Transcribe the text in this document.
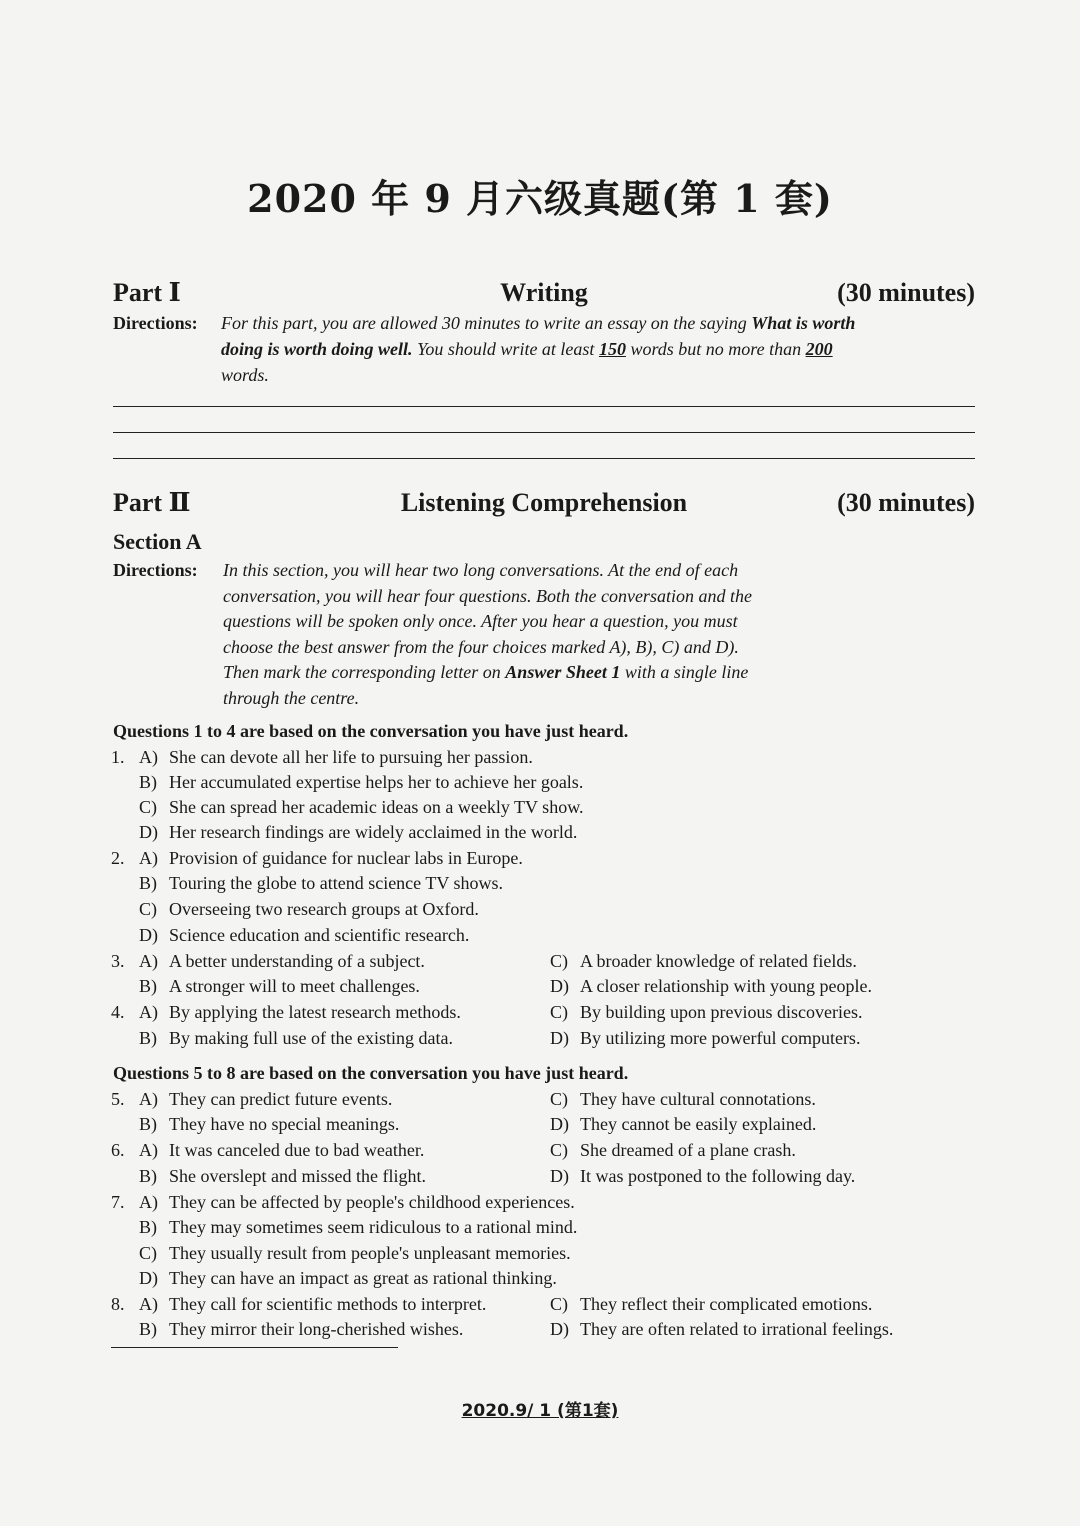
2020 年 9 月六级真题(第 1 套)
Part Ⅰ	Writing	(30 minutes)
Directions: For this part, you are allowed 30 minutes to write an essay on the saying What is worth
doing is worth doing well. You should write at least 150 words but no more than 200
words.
Part Ⅱ	Listening Comprehension	(30 minutes)
Section A
Directions: In this section, you will hear two long conversations. At the end of each
conversation, you will hear four questions. Both the conversation and the
questions will be spoken only once. After you hear a question, you must
choose the best answer from the four choices marked A), B), C) and D).
Then mark the corresponding letter on Answer Sheet 1 with a single line
through the centre.
Questions 1 to 4 are based on the conversation you have just heard.
1. A) She can devote all her life to pursuing her passion.
B) Her accumulated expertise helps her to achieve her goals.
C) She can spread her academic ideas on a weekly TV show.
D) Her research findings are widely acclaimed in the world.
2. A) Provision of guidance for nuclear labs in Europe.
B) Touring the globe to attend science TV shows.
C) Overseeing two research groups at Oxford.
D) Science education and scientific research.
3. A) A better understanding of a subject.	C) A broader knowledge of related fields.
B) A stronger will to meet challenges.	D) A closer relationship with young people.
4. A) By applying the latest research methods.	C) By building upon previous discoveries.
B) By making full use of the existing data.	D) By utilizing more powerful computers.
Questions 5 to 8 are based on the conversation you have just heard.
5. A) They can predict future events.	C) They have cultural connotations.
B) They have no special meanings.	D) They cannot be easily explained.
6. A) It was canceled due to bad weather.	C) She dreamed of a plane crash.
B) She overslept and missed the flight.	D) It was postponed to the following day.
7. A) They can be affected by people's childhood experiences.
B) They may sometimes seem ridiculous to a rational mind.
C) They usually result from people's unpleasant memories.
D) They can have an impact as great as rational thinking.
8. A) They call for scientific methods to interpret.	C) They reflect their complicated emotions.
B) They mirror their long-cherished wishes.	D) They are often related to irrational feelings.
2020.9/ 1 (第1套)
